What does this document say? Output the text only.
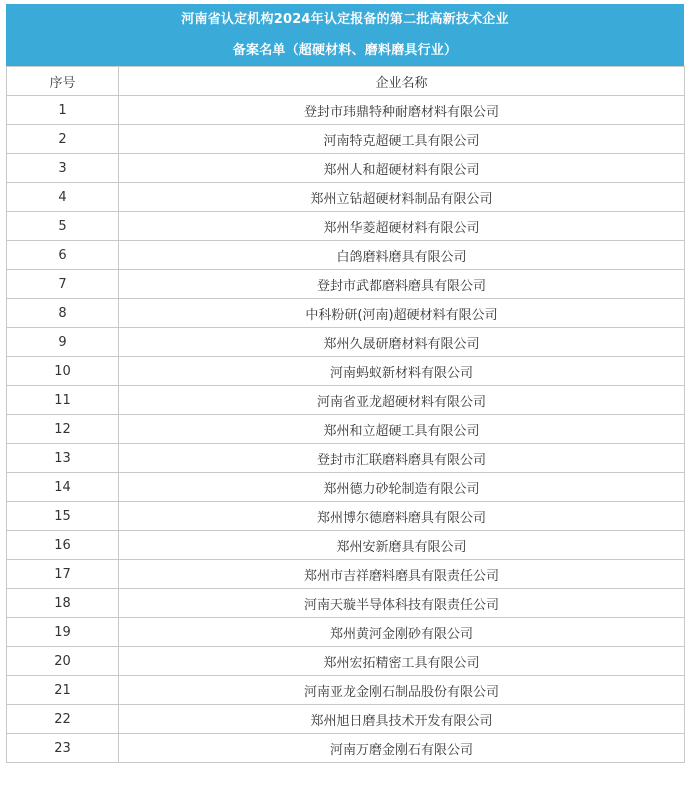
河南省认定机构2024年认定报备的第二批高新技术企业
备案名单（超硬材料、磨料磨具行业）
序号	企业名称
1	登封市玮鼎特种耐磨材料有限公司
2	河南特克超硬工具有限公司
3	郑州人和超硬材料有限公司
4	郑州立钻超硬材料制品有限公司
5	郑州华菱超硬材料有限公司
6	白鸽磨料磨具有限公司
7	登封市武都磨料磨具有限公司
8	中科粉研(河南)超硬材料有限公司
9	郑州久晟研磨材料有限公司
10	河南蚂蚁新材料有限公司
11	河南省亚龙超硬材料有限公司
12	郑州和立超硬工具有限公司
13	登封市汇联磨料磨具有限公司
14	郑州德力砂轮制造有限公司
15	郑州博尔德磨料磨具有限公司
16	郑州安新磨具有限公司
17	郑州市吉祥磨料磨具有限责任公司
18	河南天璇半导体科技有限责任公司
19	郑州黄河金刚砂有限公司
20	郑州宏拓精密工具有限公司
21	河南亚龙金刚石制品股份有限公司
22	郑州旭日磨具技术开发有限公司
23	河南万磨金刚石有限公司
